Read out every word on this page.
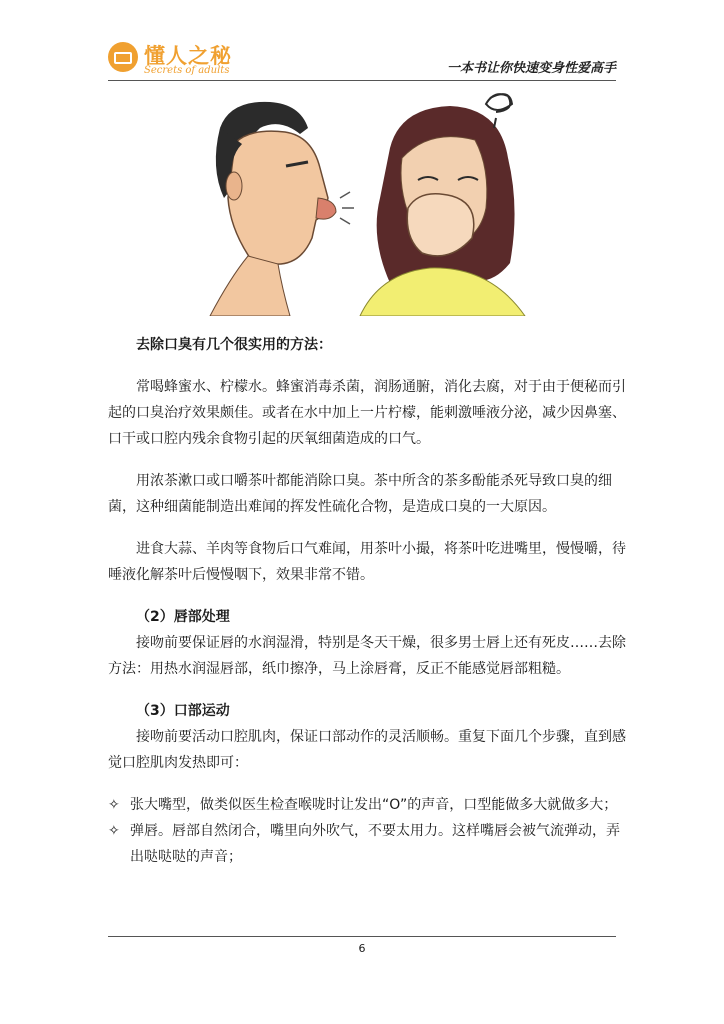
懂人之秘
Secrets of adults	一本书让你快速变身性爱高手

去除口臭有几个很实用的方法：

常喝蜂蜜水、柠檬水。蜂蜜消毒杀菌，润肠通腑，消化去腐，对于由于便秘而引起的口臭治疗效果颇佳。或者在水中加上一片柠檬，能刺激唾液分泌，减少因鼻塞、口干或口腔内残余食物引起的厌氧细菌造成的口气。

用浓茶漱口或口嚼茶叶都能消除口臭。茶中所含的茶多酚能杀死导致口臭的细菌，这种细菌能制造出难闻的挥发性硫化合物，是造成口臭的一大原因。

进食大蒜、羊肉等食物后口气难闻，用茶叶小撮，将茶叶吃进嘴里，慢慢嚼，待唾液化解茶叶后慢慢咽下，效果非常不错。

（2）唇部处理

接吻前要保证唇的水润湿滑，特别是冬天干燥，很多男士唇上还有死皮……去除方法：用热水润湿唇部，纸巾擦净，马上涂唇膏，反正不能感觉唇部粗糙。

（3）口部运动

接吻前要活动口腔肌肉，保证口部动作的灵活顺畅。重复下面几个步骤，直到感觉口腔肌肉发热即可：

✧ 张大嘴型，做类似医生检查喉咙时让发出“O”的声音，口型能做多大就做多大；

✧ 弹唇。唇部自然闭合，嘴里向外吹气，不要太用力。这样嘴唇会被气流弹动，弄出哒哒哒的声音；

6
